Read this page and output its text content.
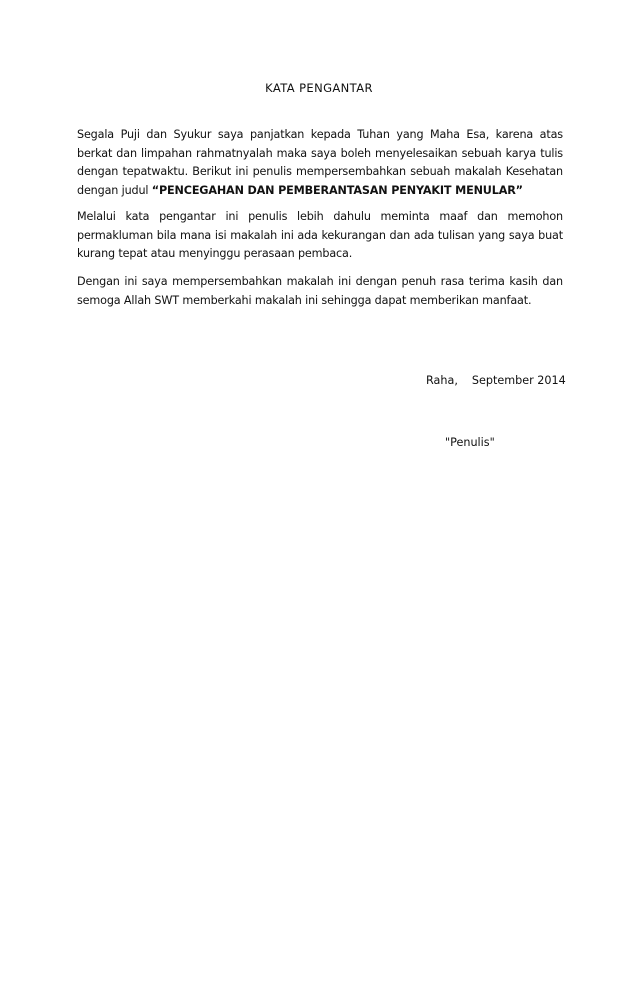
KATA PENGANTAR
Segala Puji dan Syukur saya panjatkan kepada Tuhan yang Maha Esa, karena atas berkat dan limpahan rahmatnyalah maka saya boleh menyelesaikan sebuah karya tulis dengan tepatwaktu. Berikut ini penulis mempersembahkan sebuah makalah Kesehatan dengan judul “PENCEGAHAN DAN PEMBERANTASAN PENYAKIT MENULAR”
Melalui kata pengantar ini penulis lebih dahulu meminta maaf dan memohon permakluman bila mana isi makalah ini ada kekurangan dan ada tulisan yang saya buat kurang tepat atau menyinggu perasaan pembaca.
Dengan ini saya mempersembahkan makalah ini dengan penuh rasa terima kasih dan semoga Allah SWT memberkahi makalah ini sehingga dapat memberikan manfaat.
Raha, September 2014
"Penulis"
